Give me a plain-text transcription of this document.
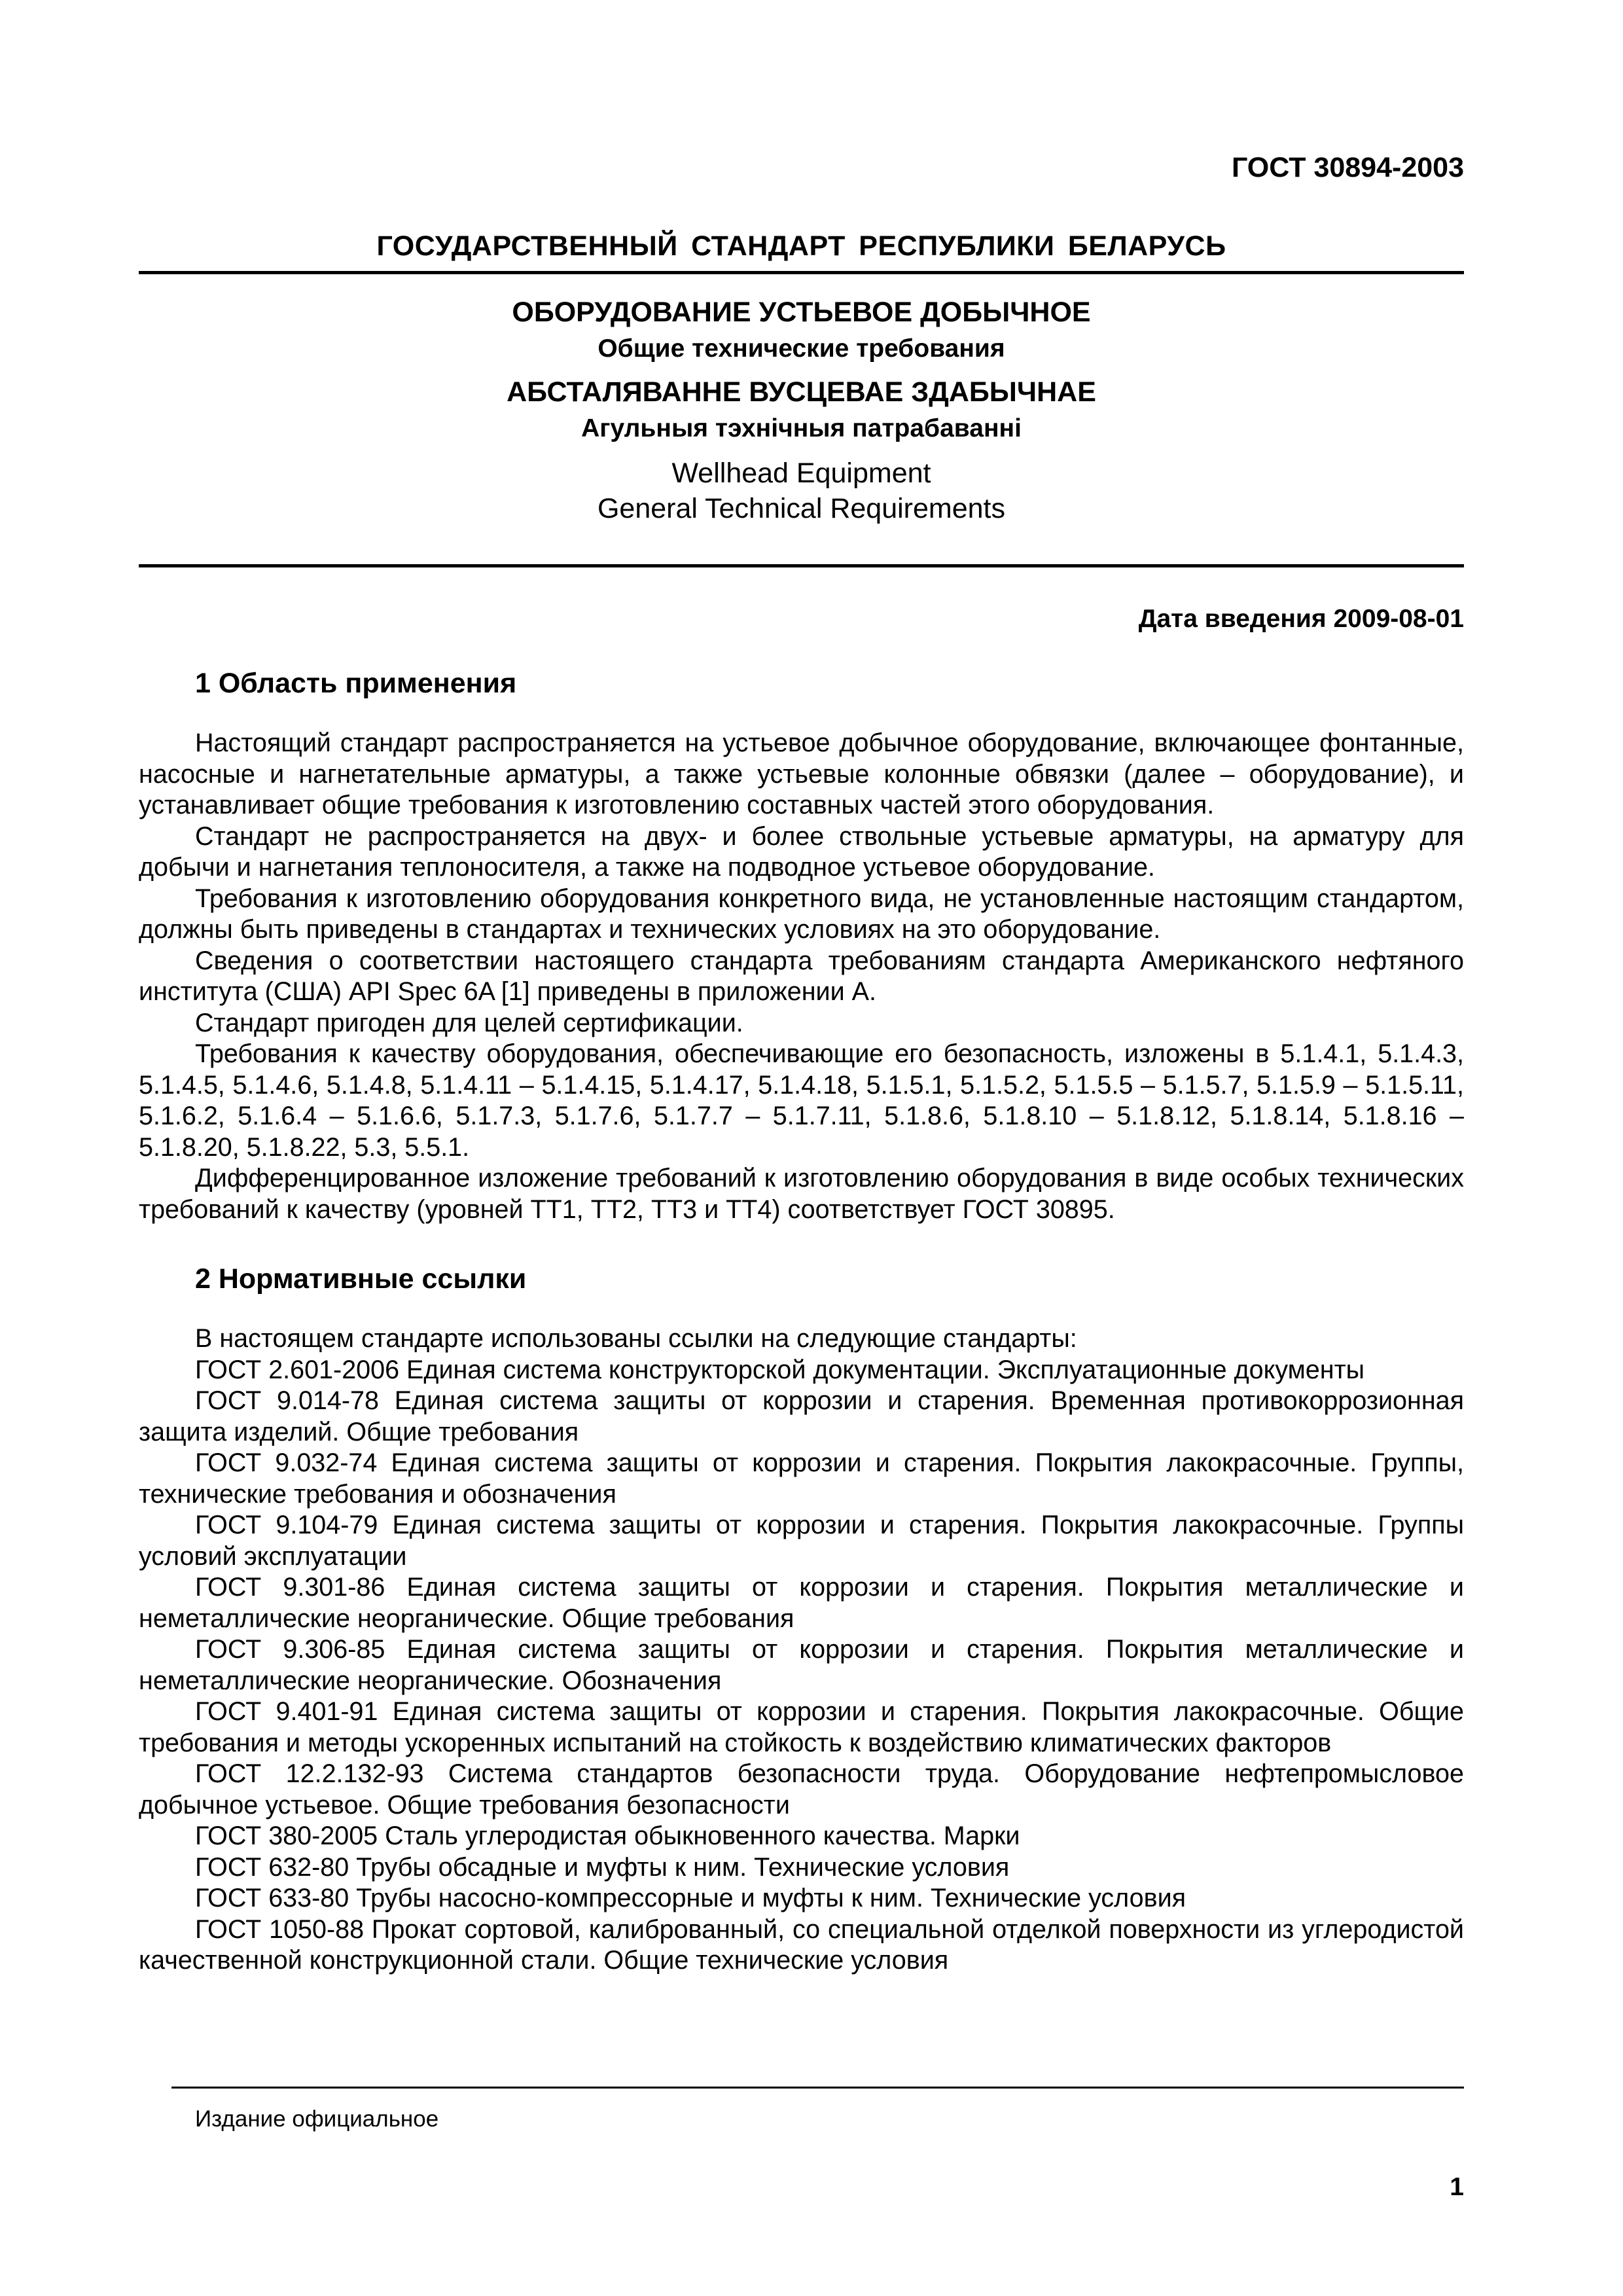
ГОСТ 30894-2003
ГОСУДАРСТВЕННЫЙ СТАНДАРТ РЕСПУБЛИКИ БЕЛАРУСЬ
ОБОРУДОВАНИЕ УСТЬЕВОЕ ДОБЫЧНОЕ
Общие технические требования
АБСТАЛЯВАННЕ ВУСЦЕВАЕ ЗДАБЫЧНАЕ
Агульныя тэхнічныя патрабаванні
Wellhead Equipment
General Technical Requirements
Дата введения 2009-08-01
1 Область применения

Настоящий стандарт распространяется на устьевое добычное оборудование, включающее фонтанные, насосные и нагнетательные арматуры, а также устьевые колонные обвязки (далее – оборудование), и устанавливает общие требования к изготовлению составных частей этого оборудования.

Стандарт не распространяется на двух- и более ствольные устьевые арматуры, на арматуру для добычи и нагнетания теплоносителя, а также на подводное устьевое оборудование.

Требования к изготовлению оборудования конкретного вида, не установленные настоящим стандартом, должны быть приведены в стандартах и технических условиях на это оборудование.

Сведения о соответствии настоящего стандарта требованиям стандарта Американского нефтяного института (США) API Spec 6A [1] приведены в приложении А.

Стандарт пригоден для целей сертификации.

Требования к качеству оборудования, обеспечивающие его безопасность, изложены в 5.1.4.1, 5.1.4.3, 5.1.4.5, 5.1.4.6, 5.1.4.8, 5.1.4.11 – 5.1.4.15, 5.1.4.17, 5.1.4.18, 5.1.5.1, 5.1.5.2, 5.1.5.5 – 5.1.5.7, 5.1.5.9 – 5.1.5.11, 5.1.6.2, 5.1.6.4 – 5.1.6.6, 5.1.7.3, 5.1.7.6, 5.1.7.7 – 5.1.7.11, 5.1.8.6, 5.1.8.10 – 5.1.8.12, 5.1.8.14, 5.1.8.16 – 5.1.8.20, 5.1.8.22, 5.3, 5.5.1.

Дифференцированное изложение требований к изготовлению оборудования в виде особых технических требований к качеству (уровней ТТ1, ТТ2, ТТ3 и ТТ4) соответствует ГОСТ 30895.

2 Нормативные ссылки

В настоящем стандарте использованы ссылки на следующие стандарты:

ГОСТ 2.601-2006 Единая система конструкторской документации. Эксплуатационные документы

ГОСТ 9.014-78 Единая система защиты от коррозии и старения. Временная противокоррозионная защита изделий. Общие требования

ГОСТ 9.032-74 Единая система защиты от коррозии и старения. Покрытия лакокрасочные. Группы, технические требования и обозначения

ГОСТ 9.104-79 Единая система защиты от коррозии и старения. Покрытия лакокрасочные. Группы условий эксплуатации

ГОСТ 9.301-86 Единая система защиты от коррозии и старения. Покрытия металлические и неметаллические неорганические. Общие требования

ГОСТ 9.306-85 Единая система защиты от коррозии и старения. Покрытия металлические и неметаллические неорганические. Обозначения

ГОСТ 9.401-91 Единая система защиты от коррозии и старения. Покрытия лакокрасочные. Общие требования и методы ускоренных испытаний на стойкость к воздействию климатических факторов

ГОСТ 12.2.132-93 Система стандартов безопасности труда. Оборудование нефтепромысловое добычное устьевое. Общие требования безопасности

ГОСТ 380-2005 Сталь углеродистая обыкновенного качества. Марки

ГОСТ 632-80 Трубы обсадные и муфты к ним. Технические условия

ГОСТ 633-80 Трубы насосно-компрессорные и муфты к ним. Технические условия

ГОСТ 1050-88 Прокат сортовой, калиброванный, со специальной отделкой поверхности из углеродистой качественной конструкционной стали. Общие технические условия

Издание официальное
1
